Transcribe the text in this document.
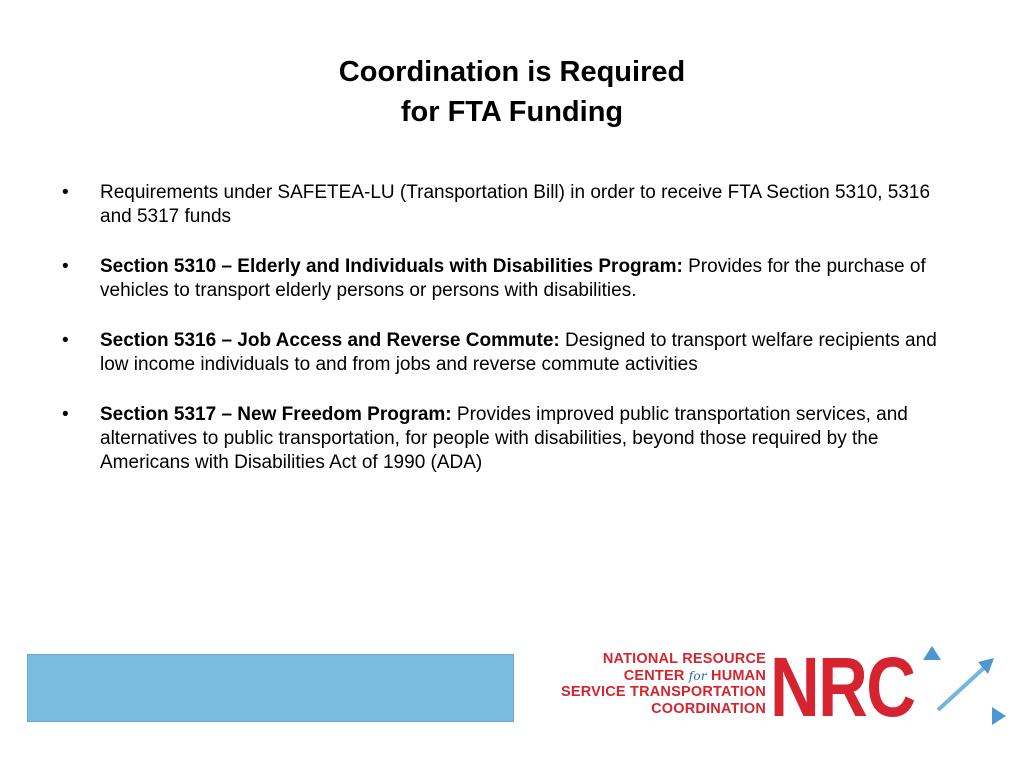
Coordination is Required
for FTA Funding
• Requirements under SAFETEA-LU (Transportation Bill) in order to receive FTA Section 5310, 5316 and 5317 funds
• Section 5310 – Elderly and Individuals with Disabilities Program: Provides for the purchase of vehicles to transport elderly persons or persons with disabilities.
• Section 5316 – Job Access and Reverse Commute: Designed to transport welfare recipients and low income individuals to and from jobs and reverse commute activities
• Section 5317 – New Freedom Program: Provides improved public transportation services, and alternatives to public transportation, for people with disabilities, beyond those required by the Americans with Disabilities Act of 1990 (ADA)
NATIONAL RESOURCE
CENTER for HUMAN
SERVICE TRANSPORTATION
COORDINATION NRC
